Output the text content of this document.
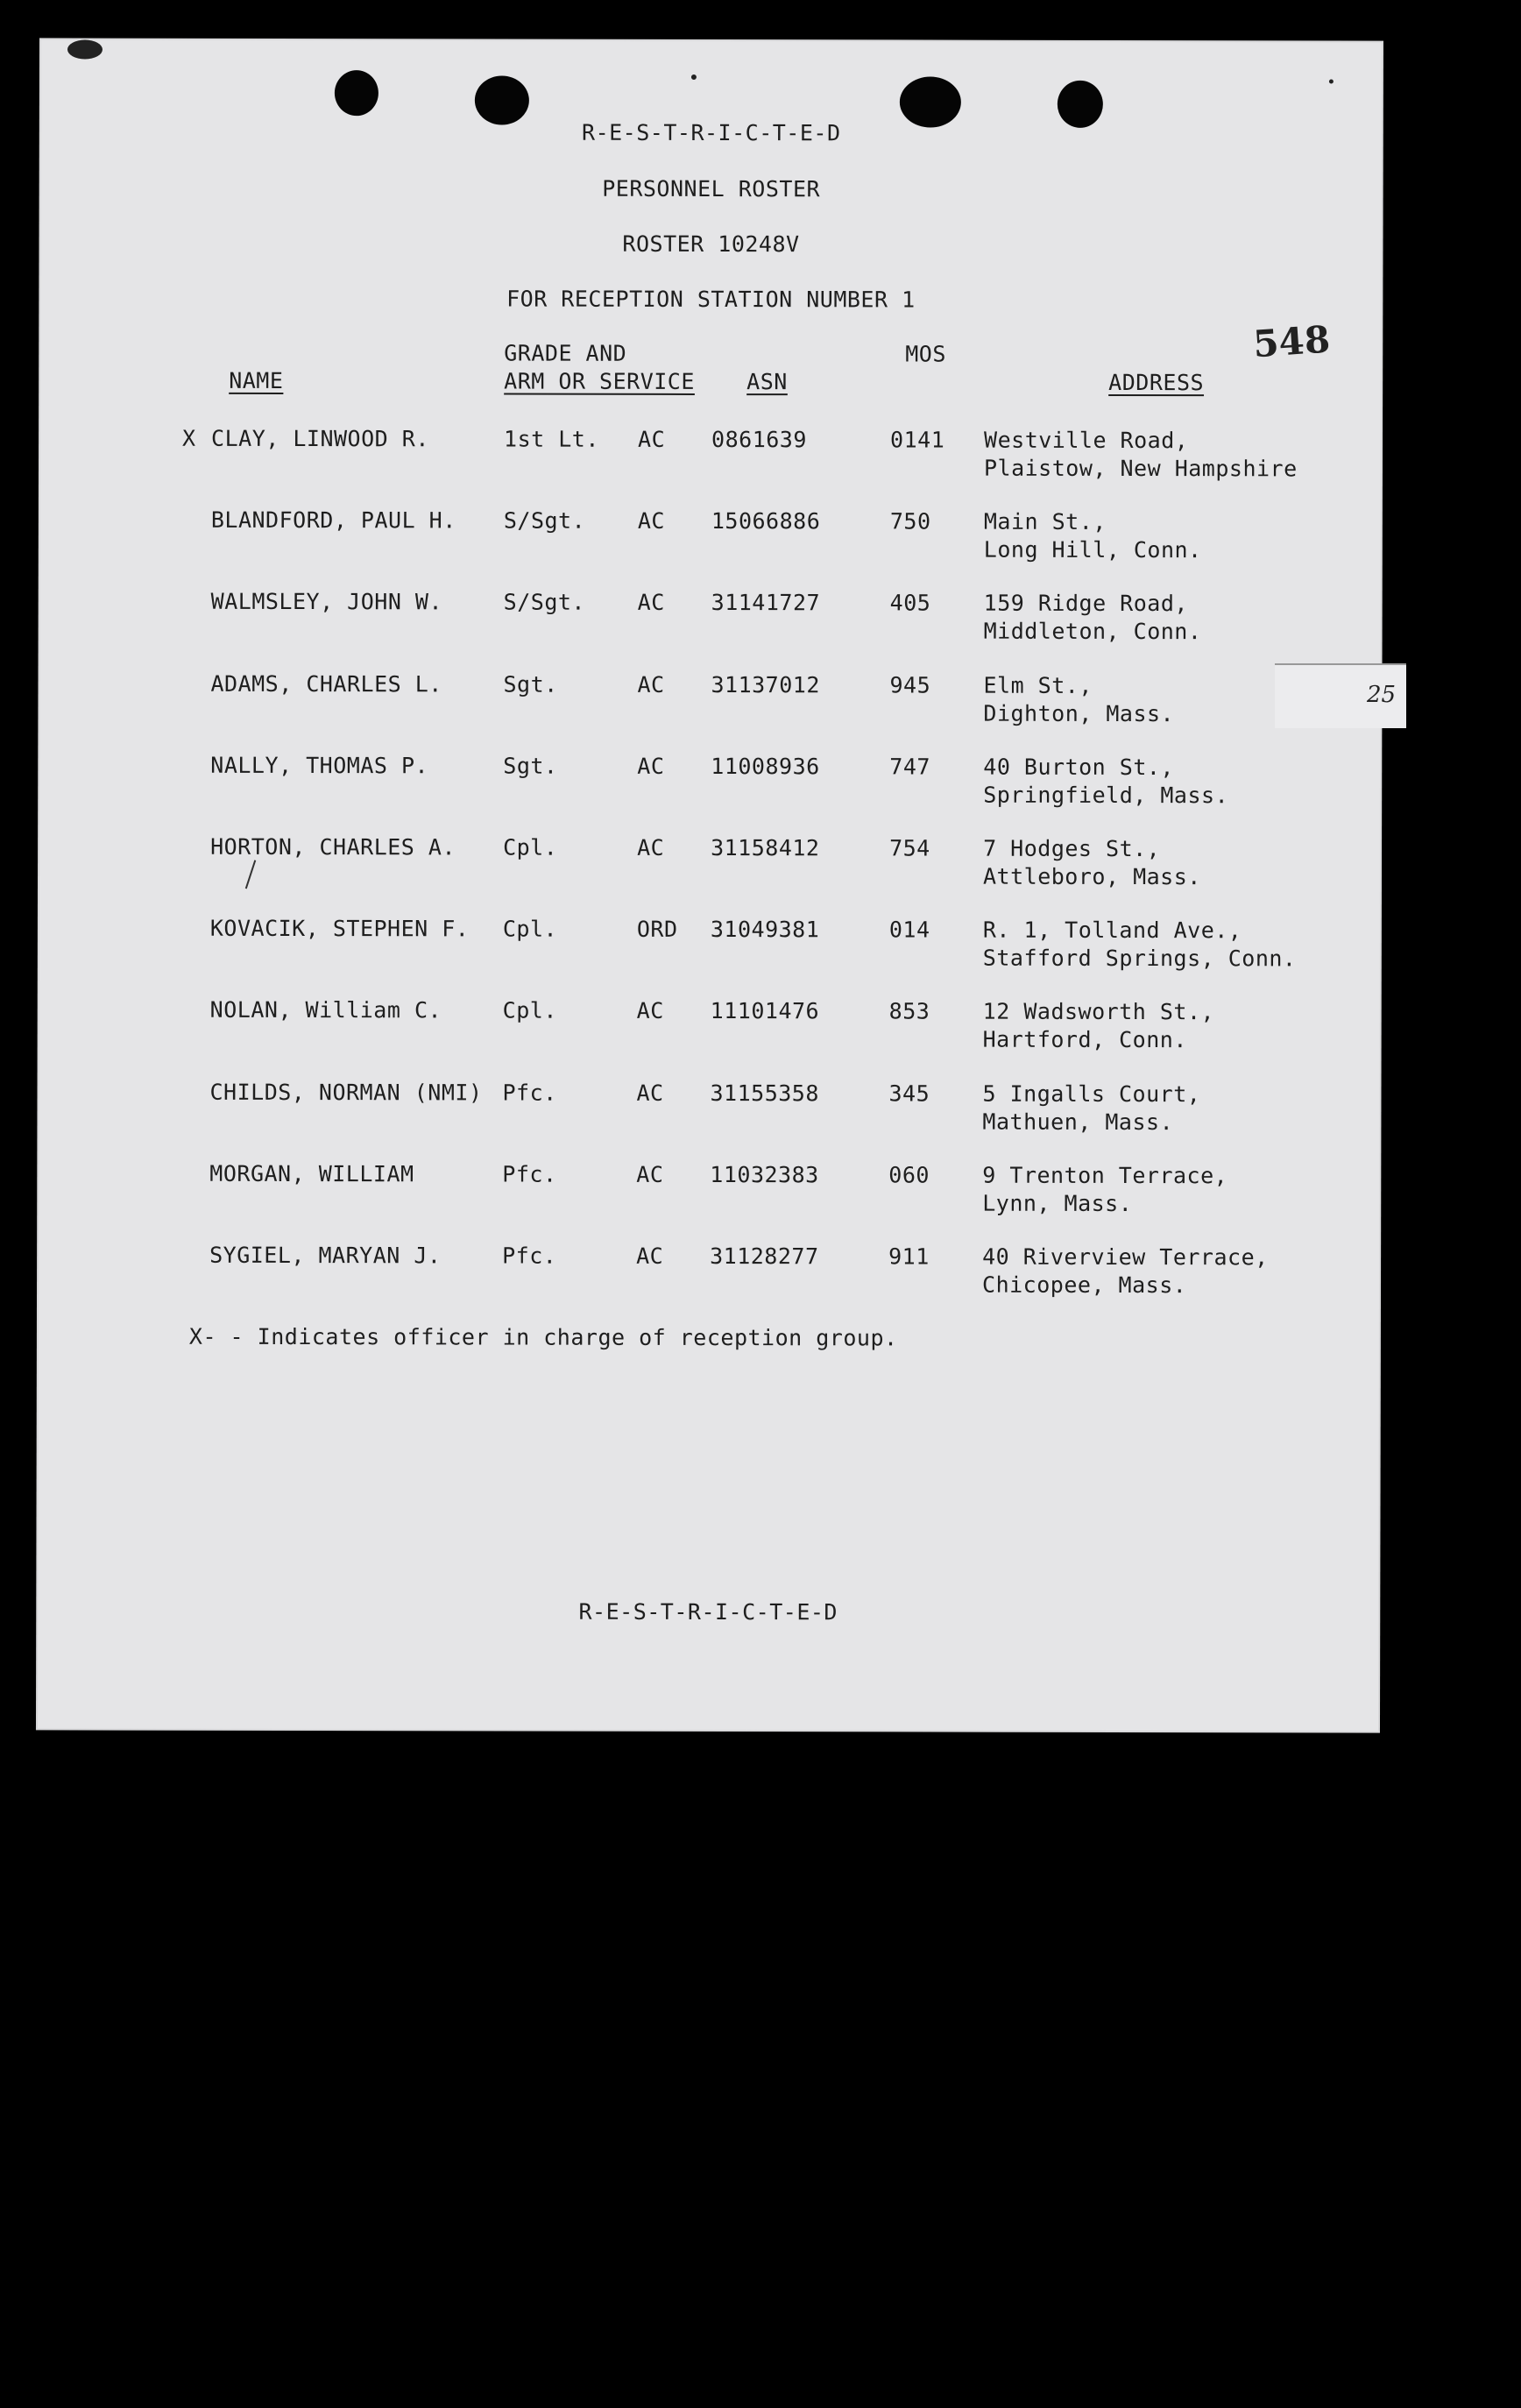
R-E-S-T-R-I-C-T-E-D
PERSONNEL ROSTER
ROSTER 10248V
FOR RECEPTION STATION NUMBER 1
548
NAME
GRADE AND
ARM OR SERVICE ASN
MOS
ADDRESS
X CLAY, LINWOOD R.	1st Lt. AC 0861639	0141 Westville Road,
Plaistow, New Hampshire
BLANDFORD, PAUL H. S/Sgt. AC 15066886	750 Main St.,
Long Hill, Conn.
WALMSLEY, JOHN W.	S/Sgt. AC 31141727	405 159 Ridge Road,
Middleton, Conn.
ADAMS, CHARLES L.	Sgt.	AC 31137012	945 Elm St.,
Dighton, Mass.
NALLY, THOMAS P.	Sgt.	AC 11008936	747 40 Burton St.,
Springfield, Mass.
HORTON, CHARLES A. Cpl.	AC 31158412	754 7 Hodges St.,
Attleboro, Mass.
KOVACIK, STEPHEN F. Cpl.	ORD 31049381	014 R. 1, Tolland Ave.,
Stafford Springs, Conn.
NOLAN, William C.	Cpl.	AC 11101476	853 12 Wadsworth St.,
Hartford, Conn.
CHILDS, NORMAN (NMI) Pfc.	AC 31155358	345 5 Ingalls Court,
Mathuen, Mass.
MORGAN, WILLIAM	Pfc.	AC 11032383	060 9 Trenton Terrace,
Lynn, Mass.
SYGIEL, MARYAN J.	Pfc.	AC 31128277	911 40 Riverview Terrace,
Chicopee, Mass.
X- - Indicates officer in charge of reception group.
R-E-S-T-R-I-C-T-E-D
25
